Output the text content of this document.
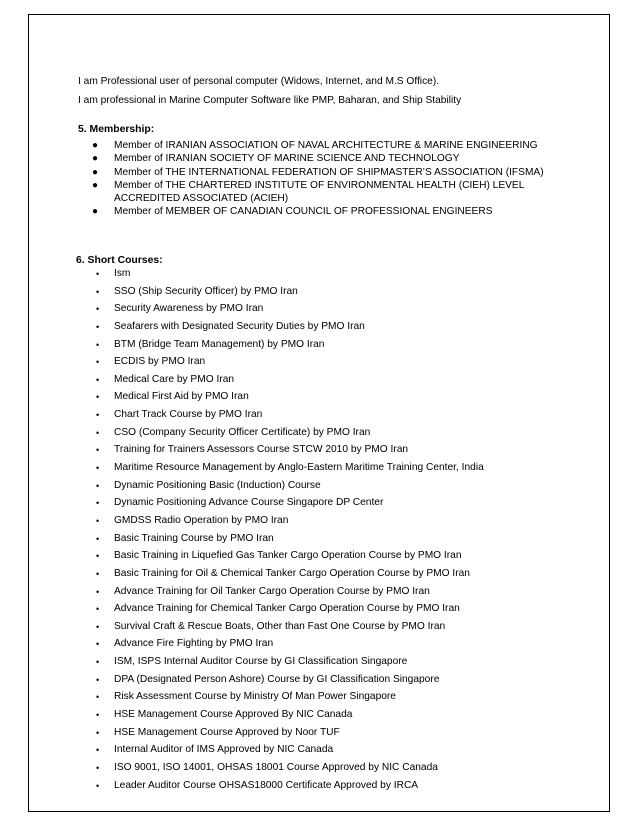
I am Professional user of personal computer (Widows, Internet, and M.S Office).

I am professional in Marine Computer Software like PMP, Baharan, and Ship Stability

5. Membership:
● Member of IRANIAN ASSOCIATION OF NAVAL ARCHITECTURE & MARINE ENGINEERING
● Member of IRANIAN SOCIETY OF MARINE SCIENCE AND TECHNOLOGY
● Member of THE INTERNATIONAL FEDERATION OF SHIPMASTER’S ASSOCIATION (IFSMA)
● Member of THE CHARTERED INSTITUTE OF ENVIRONMENTAL HEALTH (CIEH) LEVEL ACCREDITED ASSOCIATED (ACIEH)
● Member of MEMBER OF CANADIAN COUNCIL OF PROFESSIONAL ENGINEERS
6. Short Courses:
• Ism
• SSO (Ship Security Officer) by PMO Iran
• Security Awareness by PMO Iran
• Seafarers with Designated Security Duties by PMO Iran
• BTM (Bridge Team Management) by PMO Iran
• ECDIS by PMO Iran
• Medical Care by PMO Iran
• Medical First Aid by PMO Iran
• Chart Track Course by PMO Iran
• CSO (Company Security Officer Certificate) by PMO Iran
• Training for Trainers Assessors Course STCW 2010 by PMO Iran
• Maritime Resource Management by Anglo-Eastern Maritime Training Center, India
• Dynamic Positioning Basic (Induction) Course
• Dynamic Positioning Advance Course Singapore DP Center
• GMDSS Radio Operation by PMO Iran
• Basic Training Course by PMO Iran
• Basic Training in Liquefied Gas Tanker Cargo Operation Course by PMO Iran
• Basic Training for Oil & Chemical Tanker Cargo Operation Course by PMO Iran
• Advance Training for Oil Tanker Cargo Operation Course by PMO Iran
• Advance Training for Chemical Tanker Cargo Operation Course by PMO Iran
• Survival Craft & Rescue Boats, Other than Fast One Course by PMO Iran
• Advance Fire Fighting by PMO Iran
• ISM, ISPS Internal Auditor Course by GI Classification Singapore
• DPA (Designated Person Ashore) Course by GI Classification Singapore
• Risk Assessment Course by Ministry Of Man Power Singapore
• HSE Management Course Approved By NIC Canada
• HSE Management Course Approved by Noor TUF
• Internal Auditor of IMS Approved by NIC Canada
• ISO 9001, ISO 14001, OHSAS 18001 Course Approved by NIC Canada
• Leader Auditor Course OHSAS18000 Certificate Approved by IRCA
